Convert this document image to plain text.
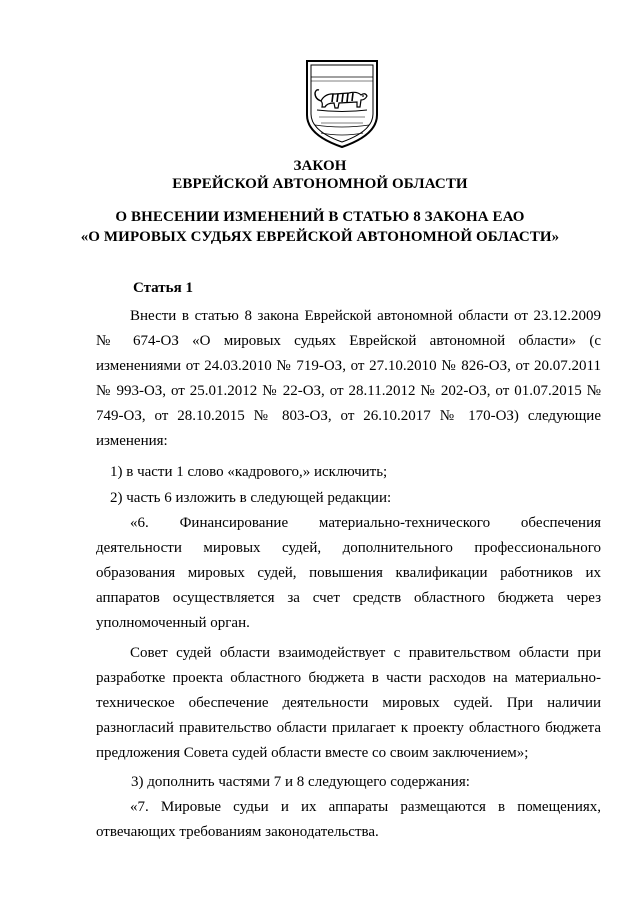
ЗАКОН
ЕВРЕЙСКОЙ АВТОНОМНОЙ ОБЛАСТИ
О ВНЕСЕНИИ ИЗМЕНЕНИЙ В СТАТЬЮ 8 ЗАКОНА ЕАО
«О МИРОВЫХ СУДЬЯХ ЕВРЕЙСКОЙ АВТОНОМНОЙ ОБЛАСТИ»
Статья 1
Внести в статью 8 закона Еврейской автономной области от 23.12.2009 № 674-ОЗ «О мировых судьях Еврейской автономной области» (с изменениями от 24.03.2010 № 719-ОЗ, от 27.10.2010 № 826-ОЗ, от 20.07.2011 № 993-ОЗ, от 25.01.2012 № 22-ОЗ, от 28.11.2012 № 202-ОЗ, от 01.07.2015 № 749-ОЗ, от 28.10.2015 № 803-ОЗ, от 26.10.2017 № 170-ОЗ) следующие изменения:
1) в части 1 слово «кадрового,» исключить;
2) часть 6 изложить в следующей редакции:
«6. Финансирование материально-технического обеспечения деятельности мировых судей, дополнительного профессионального образования мировых судей, повышения квалификации работников их аппаратов осуществляется за счет средств областного бюджета через уполномоченный орган.
Совет судей области взаимодействует с правительством области при разработке проекта областного бюджета в части расходов на материально-техническое обеспечение деятельности мировых судей. При наличии разногласий правительство области прилагает к проекту областного бюджета предложения Совета судей области вместе со своим заключением»;
3) дополнить частями 7 и 8 следующего содержания:
«7. Мировые судьи и их аппараты размещаются в помещениях, отвечающих требованиям законодательства.
